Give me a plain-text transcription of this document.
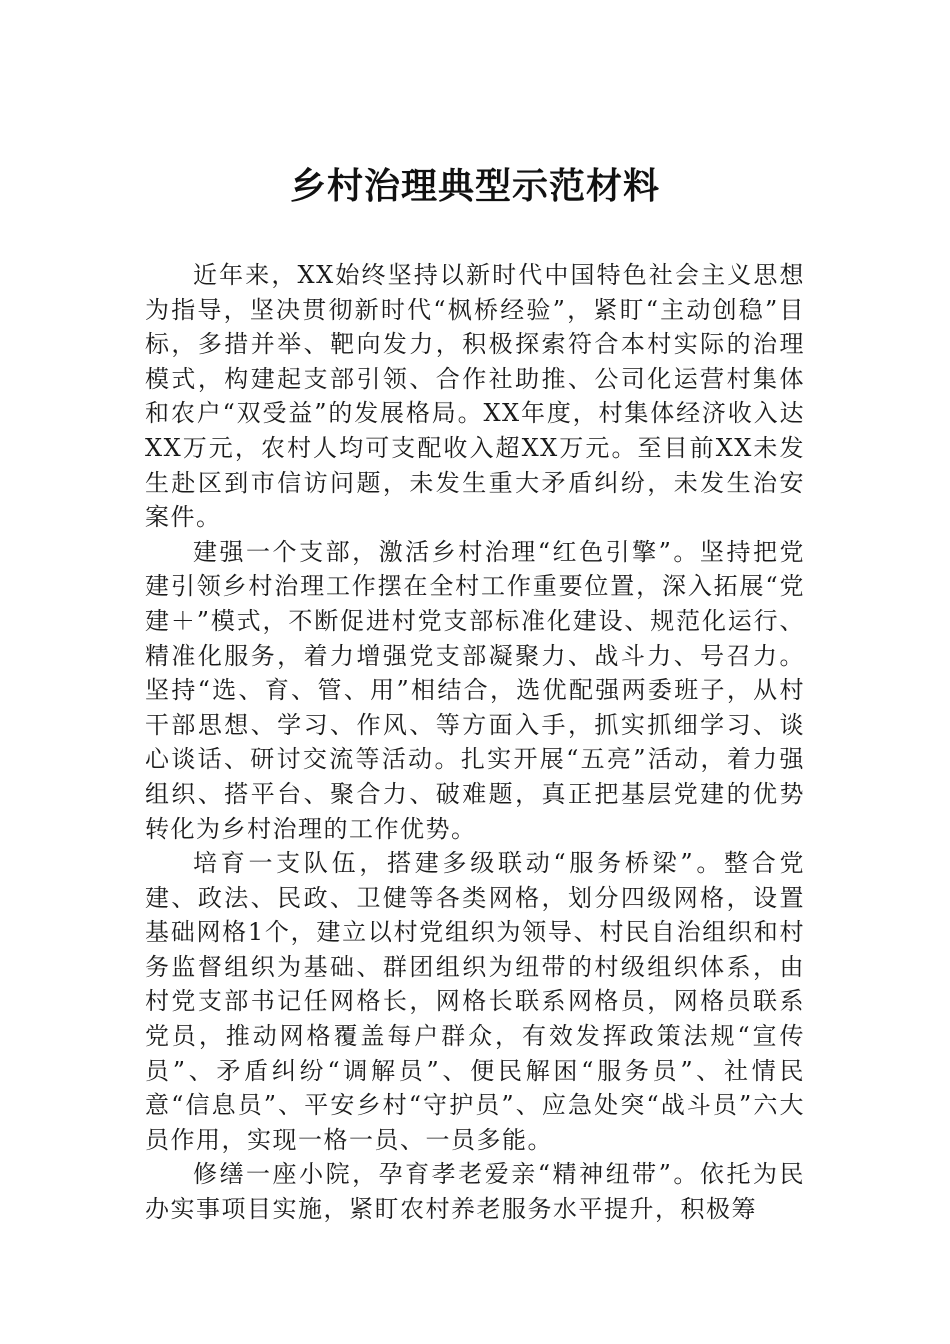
乡村治理典型示范材料

近年来，XX始终坚持以新时代中国特色社会主义思想为指导，坚决贯彻新时代“枫桥经验”，紧盯“主动创稳”目标，多措并举、靶向发力，积极探索符合本村实际的治理模式，构建起支部引领、合作社助推、公司化运营村集体和农户“双受益”的发展格局。XX年度，村集体经济收入达XX万元，农村人均可支配收入超XX万元。至目前XX未发生赴区到市信访问题，未发生重大矛盾纠纷，未发生治安案件。

建强一个支部，激活乡村治理“红色引擎”。坚持把党建引领乡村治理工作摆在全村工作重要位置，深入拓展“党建＋”模式，不断促进村党支部标准化建设、规范化运行、精准化服务，着力增强党支部凝聚力、战斗力、号召力。坚持“选、育、管、用”相结合，选优配强两委班子，从村干部思想、学习、作风、等方面入手，抓实抓细学习、谈心谈话、研讨交流等活动。扎实开展“五亮”活动，着力强组织、搭平台、聚合力、破难题，真正把基层党建的优势转化为乡村治理的工作优势。

培育一支队伍，搭建多级联动“服务桥梁”。整合党建、政法、民政、卫健等各类网格，划分四级网格，设置基础网格1个，建立以村党组织为领导、村民自治组织和村务监督组织为基础、群团组织为纽带的村级组织体系，由村党支部书记任网格长，网格长联系网格员，网格员联系党员，推动网格覆盖每户群众，有效发挥政策法规“宣传员”、矛盾纠纷“调解员”、便民解困“服务员”、社情民意“信息员”、平安乡村“守护员”、应急处突“战斗员”六大员作用，实现一格一员、一员多能。

修缮一座小院，孕育孝老爱亲“精神纽带”。依托为民办实事项目实施，紧盯农村养老服务水平提升，积极筹
